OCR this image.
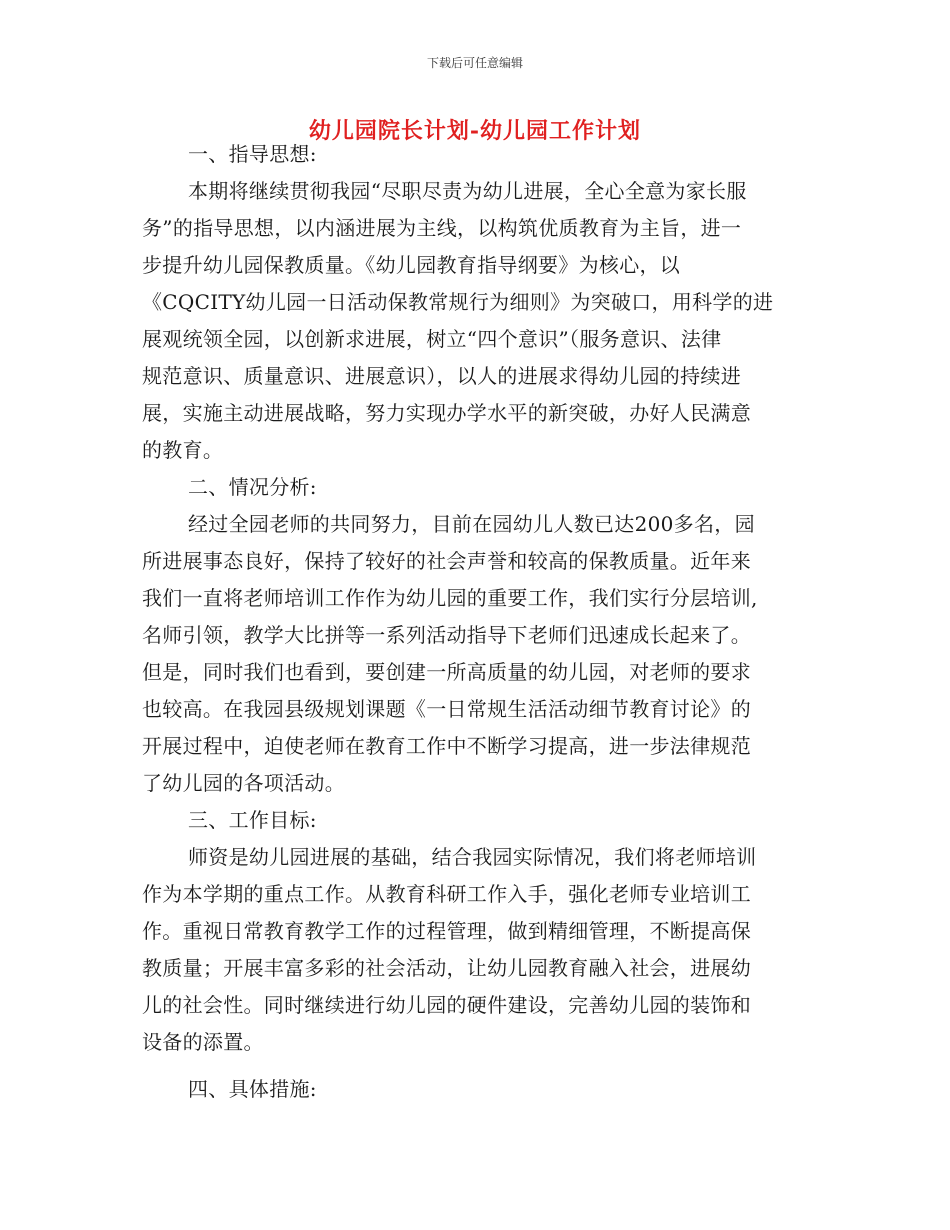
下载后可任意编辑
幼儿园院长计划-幼儿园工作计划
一、指导思想:
本期将继续贯彻我园“尽职尽责为幼儿进展，全心全意为家长服
务”的指导思想，以内涵进展为主线，以构筑优质教育为主旨，进一
步提升幼儿园保教质量。《幼儿园教育指导纲要》为核心，以
《CQCITY幼儿园一日活动保教常规行为细则》为突破口，用科学的进
展观统领全园，以创新求进展，树立“四个意识”（服务意识、法律
规范意识、质量意识、进展意识），以人的进展求得幼儿园的持续进
展，实施主动进展战略，努力实现办学水平的新突破，办好人民满意
的教育。
二、情况分析:
经过全园老师的共同努力，目前在园幼儿人数已达200多名，园
所进展事态良好，保持了较好的社会声誉和较高的保教质量。近年来
我们一直将老师培训工作作为幼儿园的重要工作，我们实行分层培训,
名师引领，教学大比拼等一系列活动指导下老师们迅速成长起来了。
但是，同时我们也看到，要创建一所高质量的幼儿园，对老师的要求
也较高。在我园县级规划课题《一日常规生活活动细节教育讨论》的
开展过程中，迫使老师在教育工作中不断学习提高，进一步法律规范
了幼儿园的各项活动。
三、工作目标:
师资是幼儿园进展的基础，结合我园实际情况，我们将老师培训
作为本学期的重点工作。从教育科研工作入手，强化老师专业培训工
作。重视日常教育教学工作的过程管理，做到精细管理，不断提高保
教质量；开展丰富多彩的社会活动，让幼儿园教育融入社会，进展幼
儿的社会性。同时继续进行幼儿园的硬件建设，完善幼儿园的装饰和
设备的添置。
四、具体措施:
